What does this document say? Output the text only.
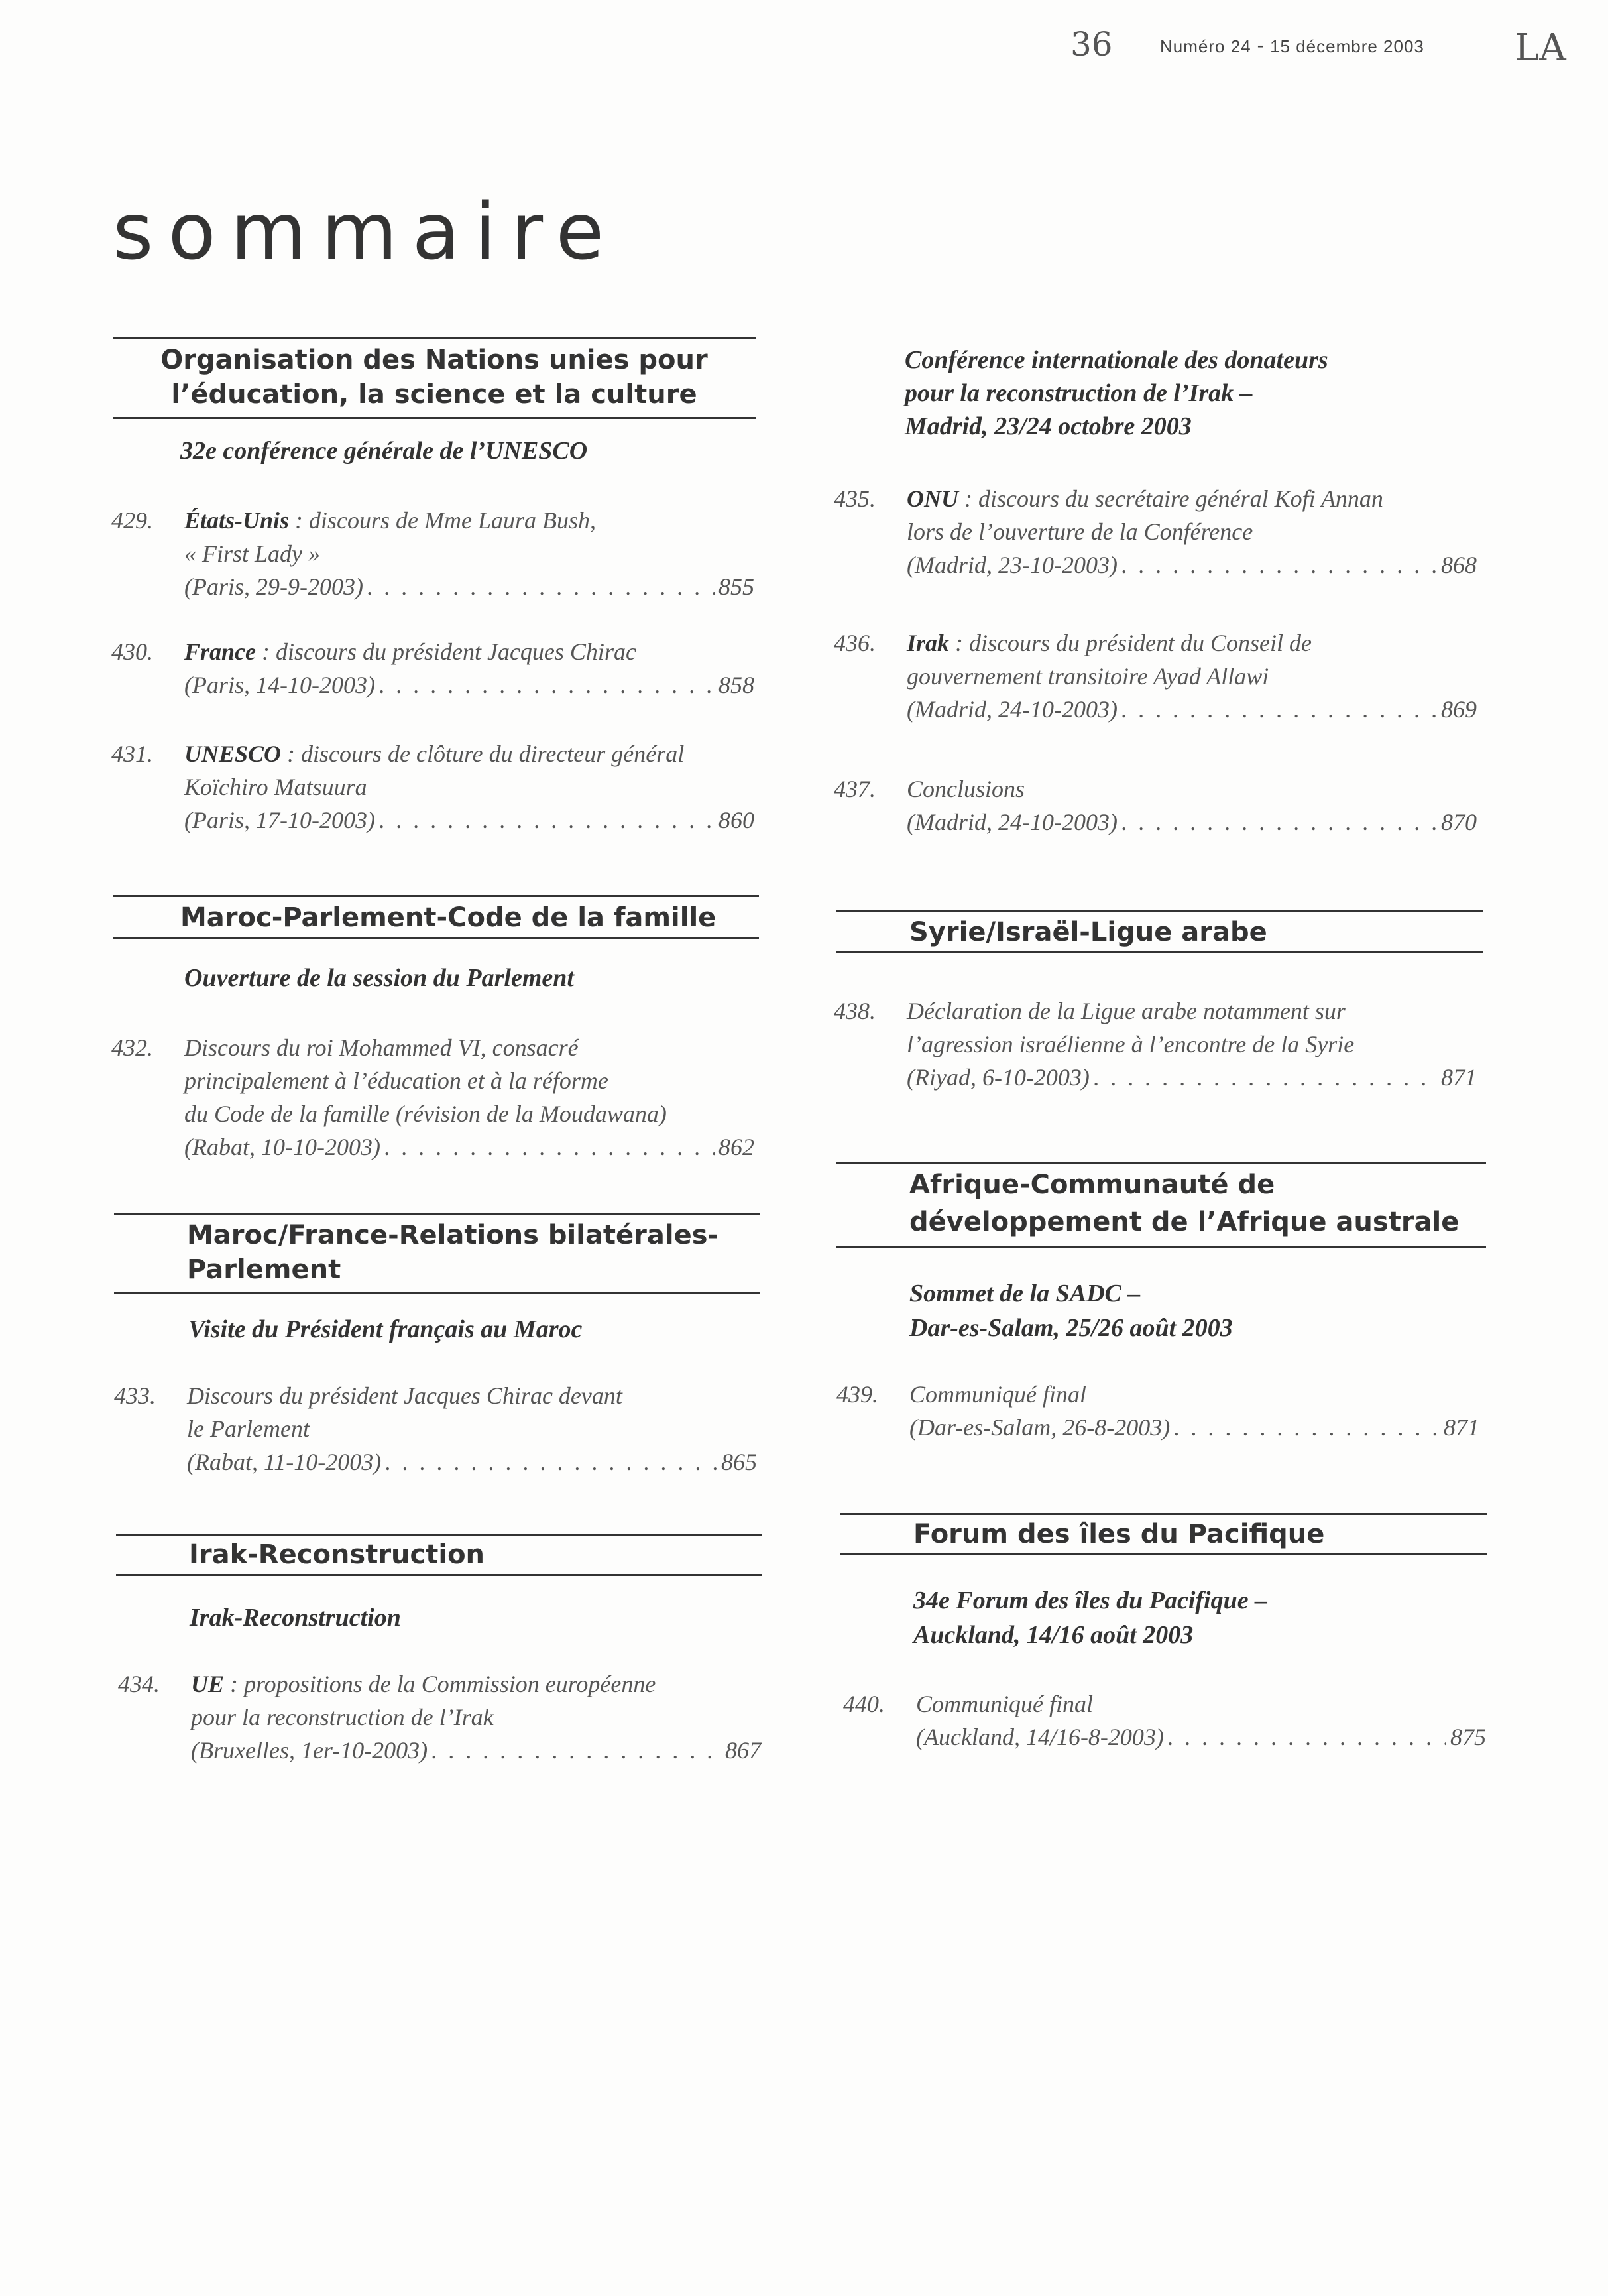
36	Numéro 24 - 15 décembre 2003	LA
sommaire
Organisation des Nations unies pour
l’éducation, la science et la culture
32e conférence générale de l’UNESCO
429. États-Unis : discours de Mme Laura Bush,
« First Lady »
(Paris, 29-9-2003) . . .	855
430. France : discours du président Jacques Chirac
(Paris, 14-10-2003) . . .	858
431. UNESCO : discours de clôture du directeur général
Koïchiro Matsuura
(Paris, 17-10-2003) . . .	860
Maroc-Parlement-Code de la famille
Ouverture de la session du Parlement
432. Discours du roi Mohammed VI, consacré
principalement à l’éducation et à la réforme
du Code de la famille (révision de la Moudawana)
(Rabat, 10-10-2003) . . .	862
Maroc/France-Relations bilatérales-
Parlement
Visite du Président français au Maroc
433. Discours du président Jacques Chirac devant
le Parlement
(Rabat, 11-10-2003) . . .	865
Irak-Reconstruction
Irak-Reconstruction
434. UE : propositions de la Commission européenne
pour la reconstruction de l’Irak
(Bruxelles, 1er-10-2003) . . .	867
Conférence internationale des donateurs
pour la reconstruction de l’Irak –
Madrid, 23/24 octobre 2003
435. ONU : discours du secrétaire général Kofi Annan
lors de l’ouverture de la Conférence
(Madrid, 23-10-2003) . . .	868
436. Irak : discours du président du Conseil de
gouvernement transitoire Ayad Allawi
(Madrid, 24-10-2003) . . .	869
437. Conclusions
(Madrid, 24-10-2003) . . .	870
Syrie/Israël-Ligue arabe
438. Déclaration de la Ligue arabe notamment sur
l’agression israélienne à l’encontre de la Syrie
(Riyad, 6-10-2003) . . .	871
Afrique-Communauté de
développement de l’Afrique australe
Sommet de la SADC –
Dar-es-Salam, 25/26 août 2003
439. Communiqué final
(Dar-es-Salam, 26-8-2003) . . .	871
Forum des îles du Pacifique
34e Forum des îles du Pacifique –
Auckland, 14/16 août 2003
440. Communiqué final
(Auckland, 14/16-8-2003) . . .	875
